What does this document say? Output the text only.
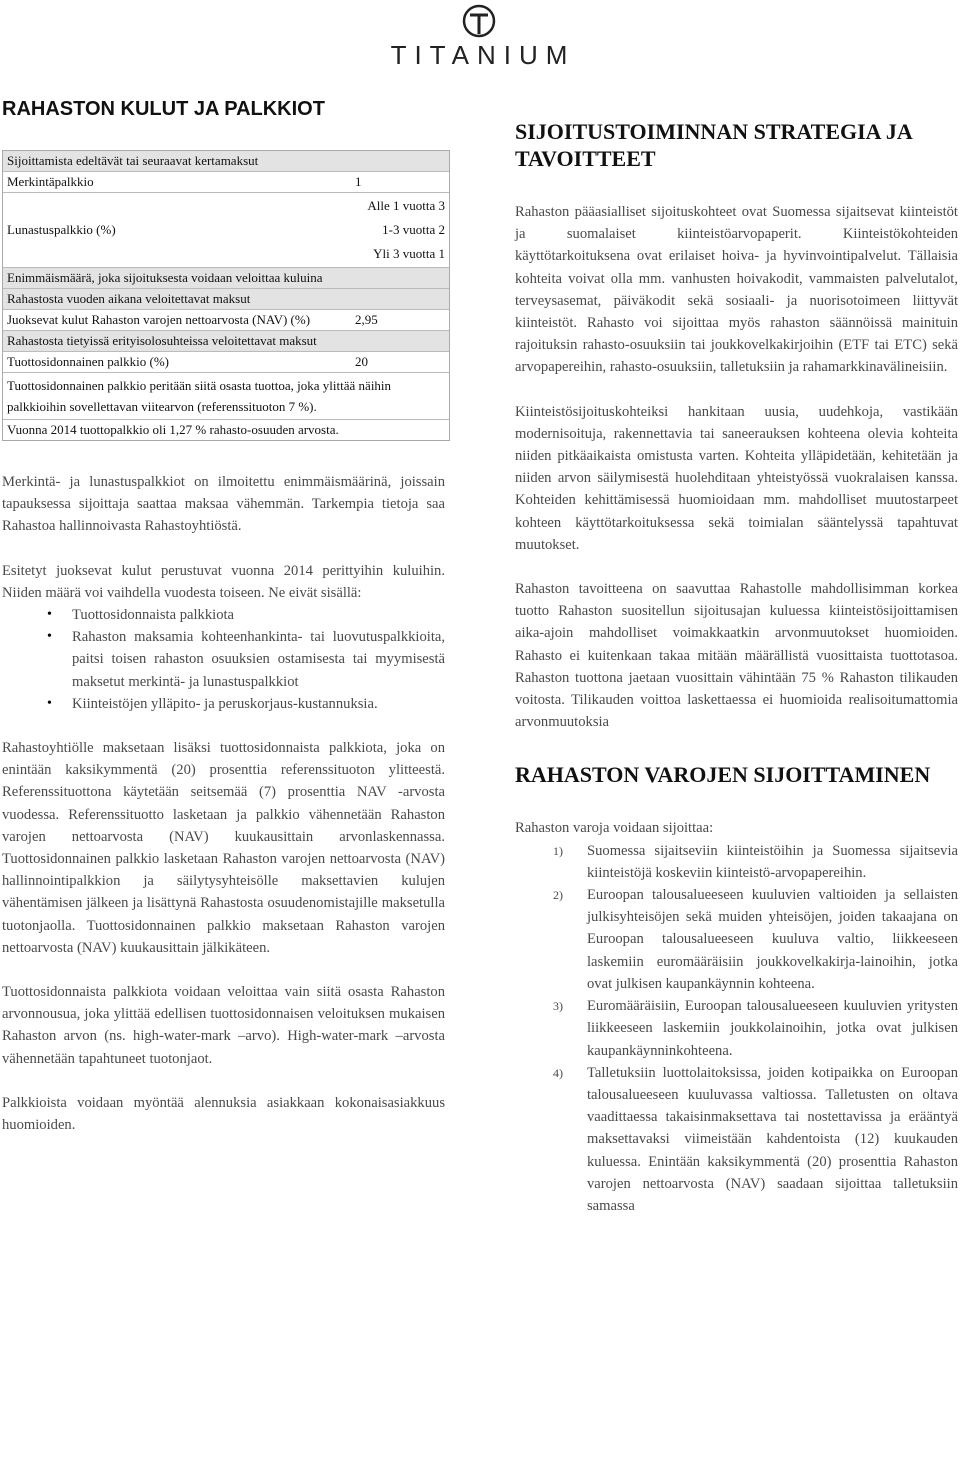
TITANIUM
RAHASTON KULUT JA PALKKIOT
Sijoittamista edeltävät tai seuraavat kertamaksut
Merkintäpalkkio	1
Lunastuspalkkio (%)
Alle 1 vuotta 3
1-3 vuotta 2
Yli 3 vuotta 1
Enimmäismäärä, joka sijoituksesta voidaan veloittaa kuluina
Rahastosta vuoden aikana veloitettavat maksut
Juoksevat kulut Rahaston varojen nettoarvosta (NAV) (%)	2,95
Rahastosta tietyissä erityisolosuhteissa veloitettavat maksut
Tuottosidonnainen palkkio (%)	20
Tuottosidonnainen palkkio peritään siitä osasta tuottoa, joka ylittää näihin palkkioihin sovellettavan viitearvon (referenssituoton 7 %).
Vuonna 2014 tuottopalkkio oli 1,27 % rahasto-osuuden arvosta.

Merkintä- ja lunastuspalkkiot on ilmoitettu enimmäismäärinä, joissain tapauksessa sijoittaja saattaa maksaa vähemmän. Tarkempia tietoja saa Rahastoa hallinnoivasta Rahastoyhtiöstä.

Esitetyt juoksevat kulut perustuvat vuonna 2014 perittyihin kuluihin. Niiden määrä voi vaihdella vuodesta toiseen. Ne eivät sisällä:

• Tuottosidonnaista palkkiota
• Rahaston maksamia kohteenhankinta- tai luovutuspalkkioita, paitsi toisen rahaston osuuksien ostamisesta tai myymisestä maksetut merkintä- ja lunastuspalkkiot
• Kiinteistöjen ylläpito- ja peruskorjaus-kustannuksia.

Rahastoyhtiölle maksetaan lisäksi tuottosidonnaista palkkiota, joka on enintään kaksikymmentä (20) prosenttia referenssituoton ylitteestä. Referenssituottona käytetään seitsemää (7) prosenttia NAV -arvosta vuodessa. Referenssituotto lasketaan ja palkkio vähennetään Rahaston varojen nettoarvosta (NAV) kuukausittain arvonlaskennassa. Tuottosidonnainen palkkio lasketaan Rahaston varojen nettoarvosta (NAV) hallinnointipalkkion ja säilytysyhteisölle maksettavien kulujen vähentämisen jälkeen ja lisättynä Rahastosta osuudenomistajille maksetulla tuotonjaolla. Tuottosidonnainen palkkio maksetaan Rahaston varojen nettoarvosta (NAV) kuukausittain jälkikäteen.

Tuottosidonnaista palkkiota voidaan veloittaa vain siitä osasta Rahaston arvonnousua, joka ylittää edellisen tuottosidonnaisen veloituksen mukaisen Rahaston arvon (ns. high-water-mark –arvo). High-water-mark –arvosta vähennetään tapahtuneet tuotonjaot.

Palkkioista voidaan myöntää alennuksia asiakkaan kokonaisasiakkuus huomioiden.

SIJOITUSTOIMINNAN STRATEGIA JA TAVOITTEET

Rahaston pääasialliset sijoituskohteet ovat Suomessa sijaitsevat kiinteistöt ja suomalaiset kiinteistöarvopaperit. Kiinteistökohteiden käyttötarkoituksena ovat erilaiset hoiva- ja hyvinvointipalvelut. Tällaisia kohteita voivat olla mm. vanhusten hoivakodit, vammaisten palvelutalot, terveysasemat, päiväkodit sekä sosiaali- ja nuorisotoimeen liittyvät kiinteistöt. Rahasto voi sijoittaa myös rahaston säännöissä mainituin rajoituksin rahasto-osuuksiin tai joukkovelkakirjoihin (ETF tai ETC) sekä arvopapereihin, rahasto-osuuksiin, talletuksiin ja rahamarkkinavälineisiin.

Kiinteistösijoituskohteiksi hankitaan uusia, uudehkoja, vastikään modernisoituja, rakennettavia tai saneerauksen kohteena olevia kohteita niiden pitkäaikaista omistusta varten. Kohteita ylläpidetään, kehitetään ja niiden arvon säilymisestä huolehditaan yhteistyössä vuokralaisen kanssa. Kohteiden kehittämisessä huomioidaan mm. mahdolliset muutostarpeet kohteen käyttötarkoituksessa sekä toimialan sääntelyssä tapahtuvat muutokset.

Rahaston tavoitteena on saavuttaa Rahastolle mahdollisimman korkea tuotto Rahaston suositellun sijoitusajan kuluessa kiinteistösijoittamisen aika-ajoin mahdolliset voimakkaatkin arvonmuutokset huomioiden. Rahasto ei kuitenkaan takaa mitään määrällistä vuosittaista tuottotasoa. Rahaston tuottona jaetaan vuosittain vähintään 75 % Rahaston tilikauden voitosta. Tilikauden voittoa laskettaessa ei huomioida realisoitumattomia arvonmuutoksia

RAHASTON VAROJEN SIJOITTAMINEN

Rahaston varoja voidaan sijoittaa:

1) Suomessa sijaitseviin kiinteistöihin ja Suomessa sijaitsevia kiinteistöjä koskeviin kiinteistö-arvopapereihin.
2) Euroopan talousalueeseen kuuluvien valtioiden ja sellaisten julkisyhteisöjen sekä muiden yhteisöjen, joiden takaajana on Euroopan talousalueeseen kuuluva valtio, liikkeeseen laskemiin euromääräisiin joukkovelkakirja-lainoihin, jotka ovat julkisen kaupankäynnin kohteena.
3) Euromääräisiin, Euroopan talousalueeseen kuuluvien yritysten liikkeeseen laskemiin joukkolainoihin, jotka ovat julkisen kaupankäynninkohteena.
4) Talletuksiin luottolaitoksissa, joiden kotipaikka on Euroopan talousalueeseen kuuluvassa valtiossa. Talletusten on oltava vaadittaessa takaisinmaksettava tai nostettavissa ja erääntyä maksettavaksi viimeistään kahdentoista (12) kuukauden kuluessa. Enintään kaksikymmentä (20) prosenttia Rahaston varojen nettoarvosta (NAV) saadaan sijoittaa talletuksiin samassa
